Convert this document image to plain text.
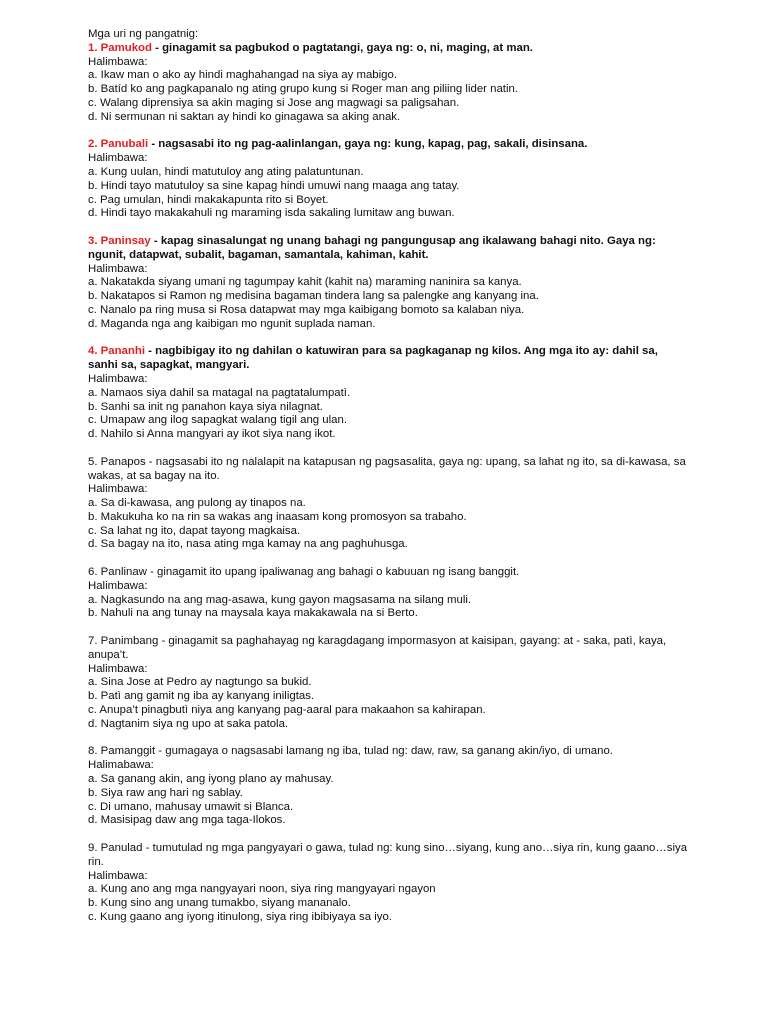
Mga uri ng pangatnig:
1. Pamukod - ginagamit sa pagbukod o pagtatangi, gaya ng: o, ni, maging, at man.
Halimbawa:
a. Ikaw man o ako ay hindi maghahangad na siya ay mabigo.
b. Batíd ko ang pagkapanalo ng ating grupo kung si Roger man ang piliing lider natin.
c. Walang diprensiya sa akin maging si Jose ang magwagi sa paligsahan.
d. Ni sermunan ni saktan ay hindi ko ginagawa sa aking anak.
2. Panubali - nagsasabi ito ng pag-aalinlangan, gaya ng: kung, kapag, pag, sakali, disinsana.
Halimbawa:
a. Kung uulan, hindi matutuloy ang ating palatuntunan.
b. Hindi tayo matutuloy sa sine kapag hindi umuwi nang maaga ang tatay.
c. Pag umulan, hindi makakapunta rito si Boyet.
d. Hindi tayo makakahuli ng maraming isda sakaling lumitaw ang buwan.
3. Paninsay - kapag sinasalungat ng unang bahagi ng pangungusap ang ikalawang bahagi nito. Gaya ng: ngunit, datapwat, subalit, bagaman, samantala, kahiman, kahit.
Halimbawa:
a. Nakatakda siyang umani ng tagumpay kahit (kahit na) maraming naninira sa kanya.
b. Nakatapos si Ramon ng medisina bagaman tindera lang sa palengke ang kanyang ina.
c. Nanalo pa ring musa si Rosa datapwat may mga kaibigang bomoto sa kalaban niya.
d. Maganda nga ang kaibigan mo ngunit suplada naman.
4. Pananhi - nagbibigay ito ng dahilan o katuwiran para sa pagkaganap ng kilos. Ang mga ito ay: dahil sa, sanhi sa, sapagkat, mangyari.
Halimbawa:
a. Namaos siya dahil sa matagal na pagtatalumpatì.
b. Sanhi sa init ng panahon kaya siya nilagnat.
c. Umapaw ang ilog sapagkat walang tigil ang ulan.
d. Nahilo si Anna mangyari ay ikot siya nang ikot.
5. Panapos - nagsasabi ito ng nalalapit na katapusan ng pagsasalita, gaya ng: upang, sa lahat ng ito, sa di-kawasa, sa wakas, at sa bagay na ito.
Halimbawa:
a. Sa di-kawasa, ang pulong ay tinapos na.
b. Makukuha ko na rin sa wakas ang inaasam kong promosyon sa trabaho.
c. Sa lahat ng ito, dapat tayong magkaisa.
d. Sa bagay na ito, nasa ating mga kamay na ang paghuhusga.
6. Panlinaw - ginagamit ito upang ipaliwanag ang bahagi o kabuuan ng isang banggit.
Halimbawa:
a. Nagkasundo na ang mag-asawa, kung gayon magsasama na silang muli.
b. Nahuli na ang tunay na maysala kaya makakawala na si Berto.
7. Panimbang - ginagamit sa paghahayag ng karagdagang impormasyon at kaisipan, gayang: at - saka, patì, kaya, anupa’t.
Halimbawa:
a. Sina Jose at Pedro ay nagtungo sa bukid.
b. Patì ang gamit ng iba ay kanyang iniligtas.
c. Anupa’t pinagbutì niya ang kanyang pag-aaral para makaahon sa kahirapan.
d. Nagtanim siya ng upo at saka patola.
8. Pamanggit - gumagaya o nagsasabi lamang ng iba, tulad ng: daw, raw, sa ganang akin/iyo, di umano.
Halimabawa:
a. Sa ganang akin, ang iyong plano ay mahusay.
b. Siya raw ang hari ng sablay.
c. Di umano, mahusay umawit si Blanca.
d. Masisipag daw ang mga taga-Ilokos.
9. Panulad - tumutulad ng mga pangyayari o gawa, tulad ng: kung sino…siyang, kung ano…siya rin, kung gaano…siya rin.
Halimbawa:
a. Kung ano ang mga nangyayari noon, siya ring mangyayari ngayon
b. Kung sino ang unang tumakbo, siyang mananalo.
c. Kung gaano ang iyong itinulong, siya ring ibibiyaya sa iyo.
